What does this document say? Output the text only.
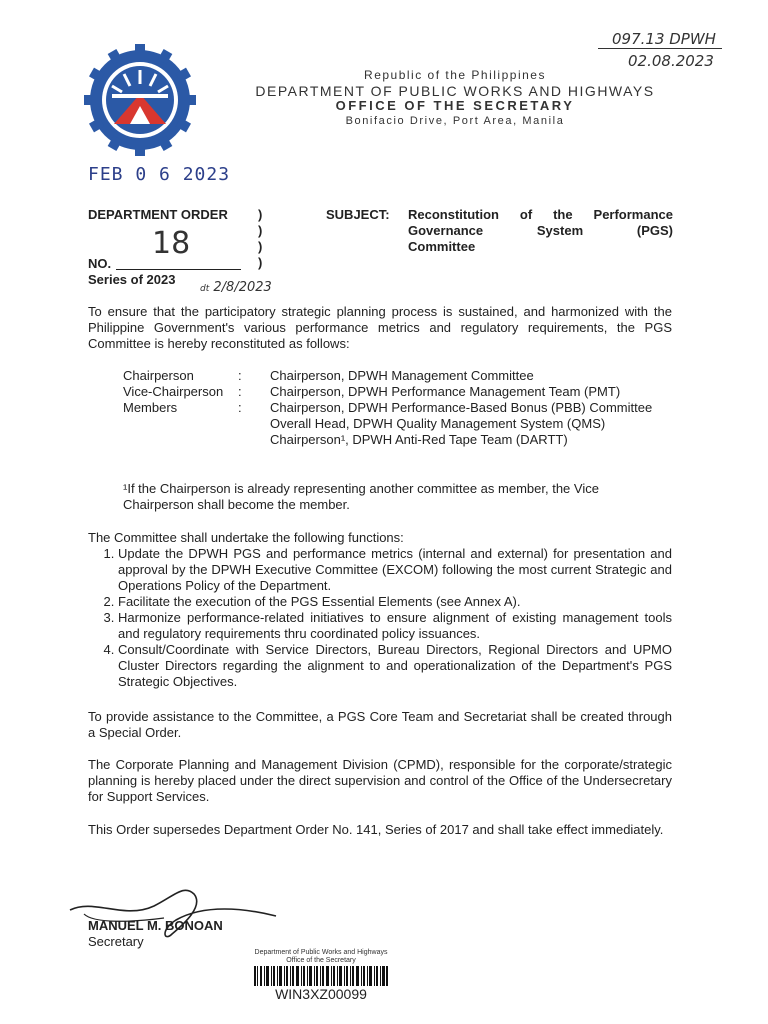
097.13 DPWH
02.08.2023
Republic of the Philippines
DEPARTMENT OF PUBLIC WORKS AND HIGHWAYS
OFFICE OF THE SECRETARY
Bonifacio Drive, Port Area, Manila
FEB 0 6 2023
DEPARTMENT ORDER )
)
)
)
18
NO.
Series of 2023
dt 2/8/2023
SUBJECT: Reconstitution of the Performance
Governance System (PGS)
Committee
To ensure that the participatory strategic planning process is sustained, and harmonized with the Philippine Government's various performance metrics and regulatory requirements, the PGS Committee is hereby reconstituted as follows:
Chairperson	:	Chairperson, DPWH Management Committee
Vice-Chairperson	:	Chairperson, DPWH Performance Management Team (PMT)
Members	:	Chairperson, DPWH Performance-Based Bonus (PBB) Committee
Overall Head, DPWH Quality Management System (QMS)
Chairperson¹, DPWH Anti-Red Tape Team (DARTT)
¹If the Chairperson is already representing another committee as member, the Vice Chairperson shall become the member.
The Committee shall undertake the following functions:
1. Update the DPWH PGS and performance metrics (internal and external) for presentation and approval by the DPWH Executive Committee (EXCOM) following the most current Strategic and Operations Policy of the Department.
2. Facilitate the execution of the PGS Essential Elements (see Annex A).
3. Harmonize performance-related initiatives to ensure alignment of existing management tools and regulatory requirements thru coordinated policy issuances.
4. Consult/Coordinate with Service Directors, Bureau Directors, Regional Directors and UPMO Cluster Directors regarding the alignment to and operationalization of the Department's PGS Strategic Objectives.
To provide assistance to the Committee, a PGS Core Team and Secretariat shall be created through a Special Order.
The Corporate Planning and Management Division (CPMD), responsible for the corporate/strategic planning is hereby placed under the direct supervision and control of the Office of the Undersecretary for Support Services.
This Order supersedes Department Order No. 141, Series of 2017 and shall take effect immediately.
MANUEL M. BONOAN
Secretary
Department of Public Works and Highways
Office of the Secretary
WIN3XZ00099
